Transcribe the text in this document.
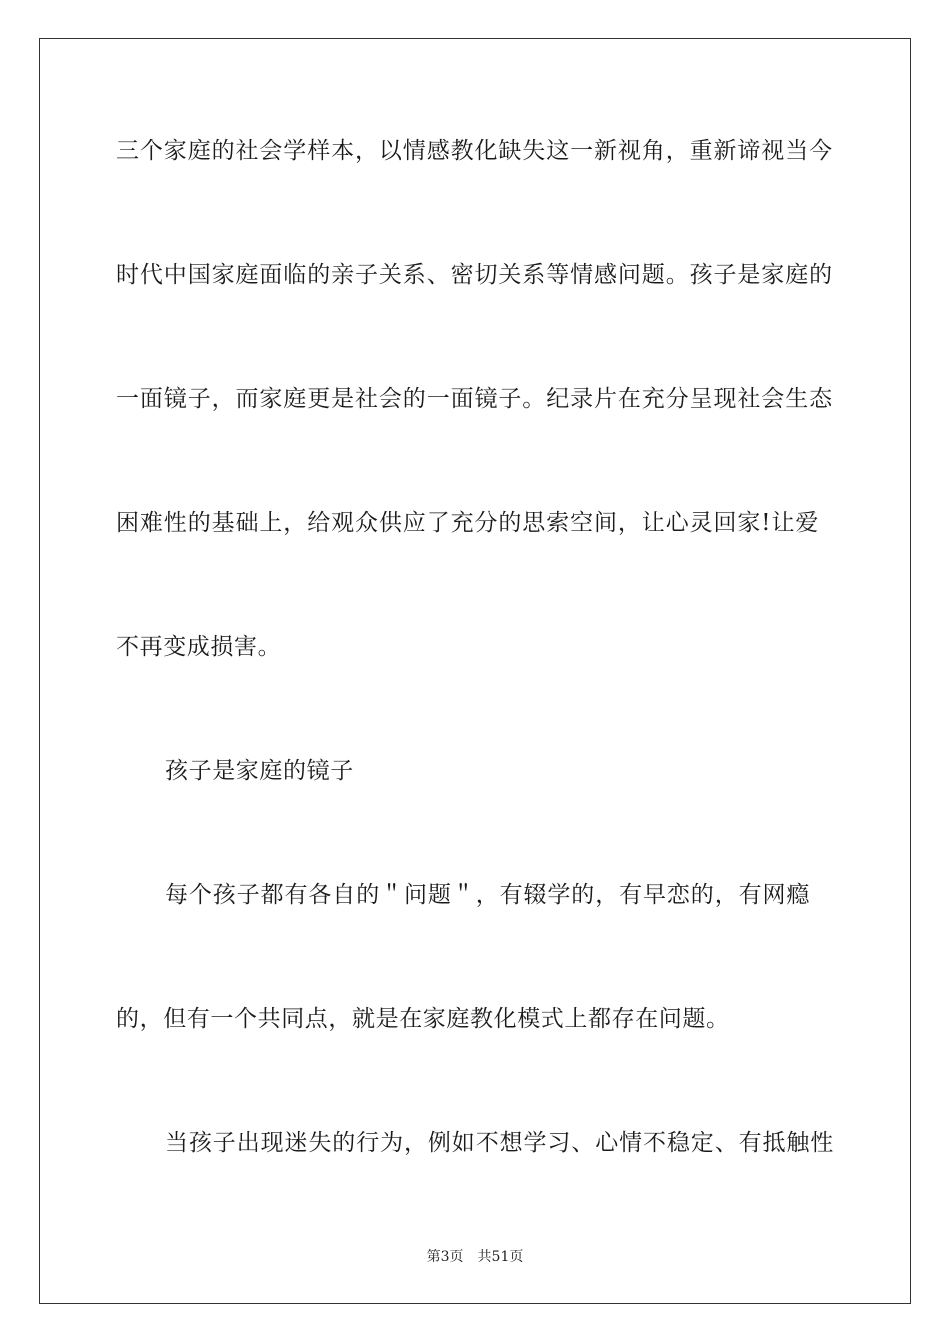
三个家庭的社会学样本，以情感教化缺失这一新视角，重新谛视当今
时代中国家庭面临的亲子关系、密切关系等情感问题。孩子是家庭的
一面镜子，而家庭更是社会的一面镜子。纪录片在充分呈现社会生态
困难性的基础上，给观众供应了充分的思索空间，让心灵回家!让爱
不再变成损害。
孩子是家庭的镜子
每个孩子都有各自的＂问题＂，有辍学的，有早恋的，有网瘾
的，但有一个共同点，就是在家庭教化模式上都存在问题。
当孩子出现迷失的行为，例如不想学习、心情不稳定、有抵触性
第3页　共51页
